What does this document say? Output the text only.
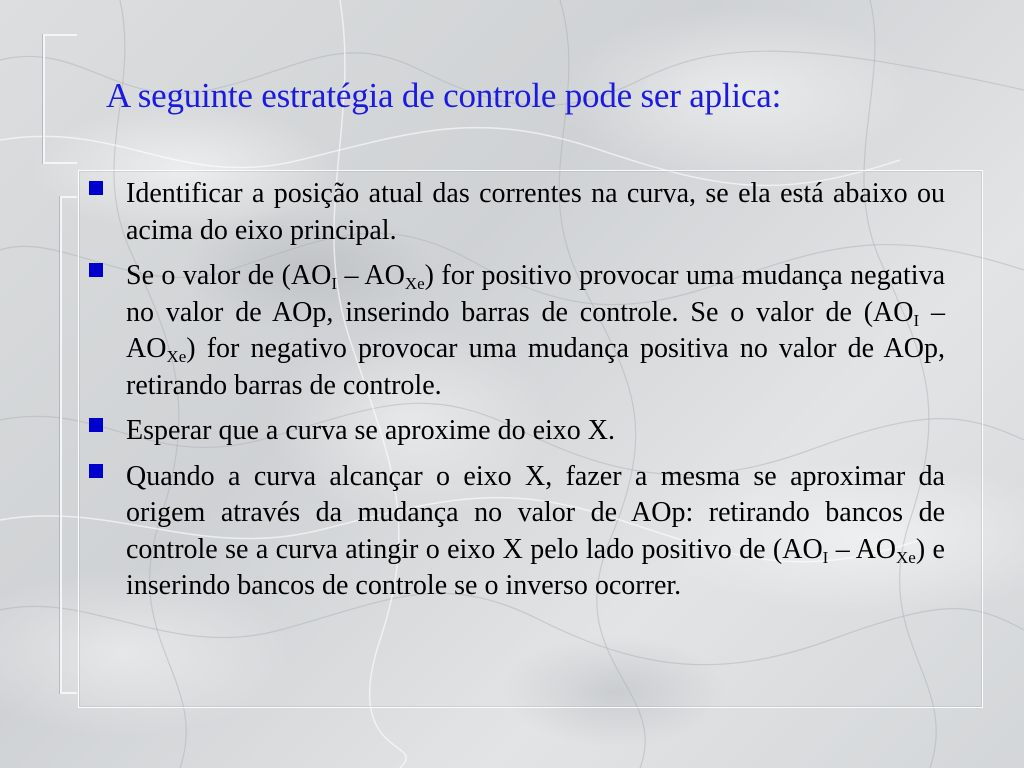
A seguinte estratégia de controle pode ser aplica:
Identificar a posição atual das correntes na curva, se ela está abaixo ou acima do eixo principal.
Se o valor de $(AO_I - AO_{Xe})$ for positivo provocar uma mudança negativa no valor de AOp, inserindo barras de controle. Se o valor de $(AO_I - AO_{Xe})$ for negativo provocar uma mudança positiva no valor de AOp, retirando barras de controle.
Esperar que a curva se aproxime do eixo X.
Quando a curva alcançar o eixo X, fazer a mesma se aproximar da origem através da mudança no valor de AOp: retirando bancos de controle se a curva atingir o eixo X pelo lado positivo de $(AO_I - AO_{Xe})$ e inserindo bancos de controle se o inverso ocorrer.
